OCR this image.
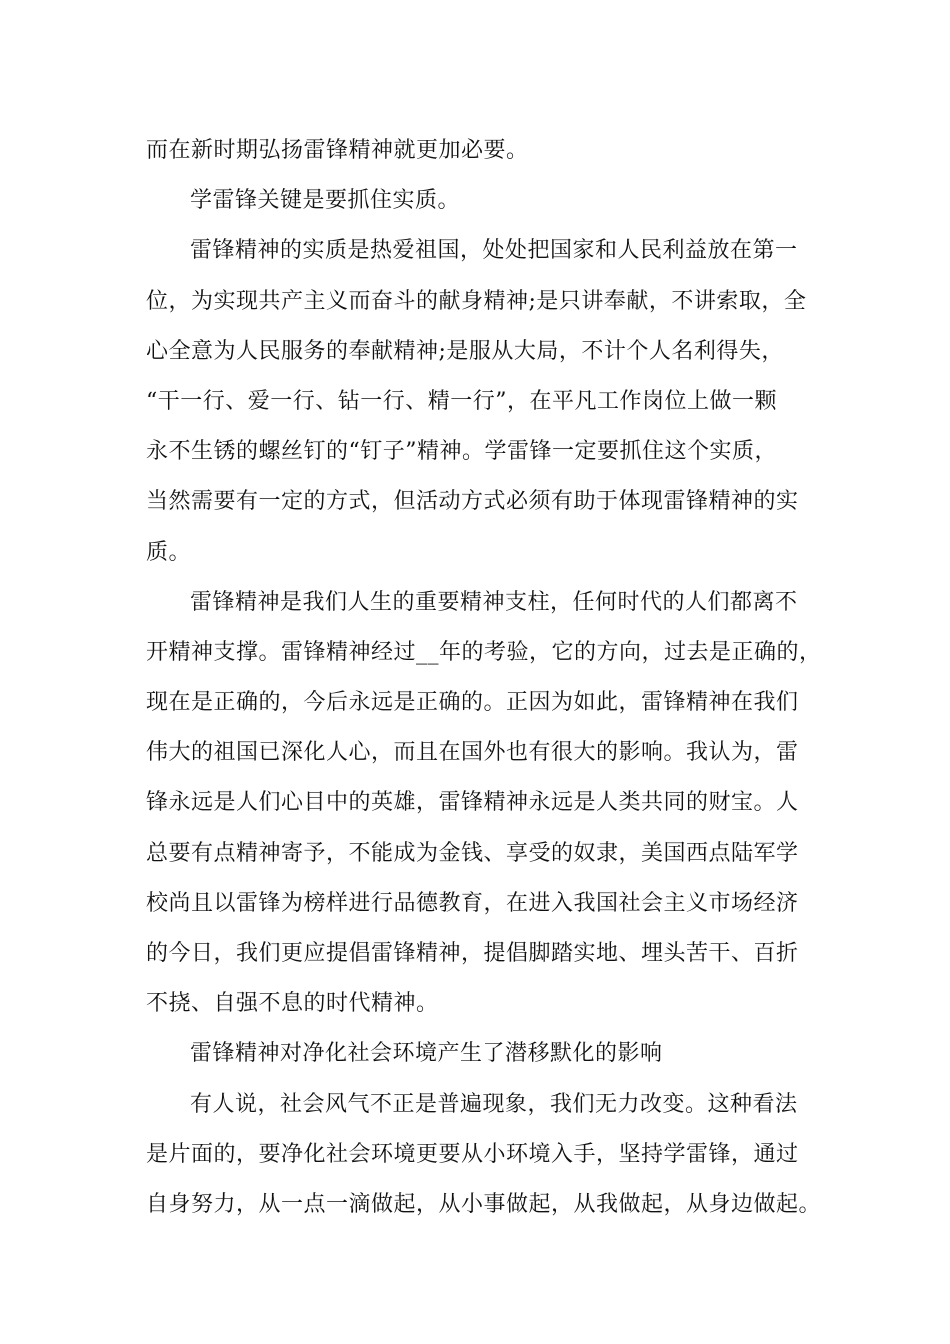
而在新时期弘扬雷锋精神就更加必要。
学雷锋关键是要抓住实质。
雷锋精神的实质是热爱祖国，处处把国家和人民利益放在第一
位，为实现共产主义而奋斗的献身精神;是只讲奉献，不讲索取，全
心全意为人民服务的奉献精神;是服从大局，不计个人名利得失，
“干一行、爱一行、钻一行、精一行”，在平凡工作岗位上做一颗
永不生锈的螺丝钉的“钉子”精神。学雷锋一定要抓住这个实质，
当然需要有一定的方式，但活动方式必须有助于体现雷锋精神的实
质。
雷锋精神是我们人生的重要精神支柱，任何时代的人们都离不
开精神支撑。雷锋精神经过__年的考验，它的方向，过去是正确的，
现在是正确的，今后永远是正确的。正因为如此，雷锋精神在我们
伟大的祖国已深化人心，而且在国外也有很大的影响。我认为，雷
锋永远是人们心目中的英雄，雷锋精神永远是人类共同的财宝。人
总要有点精神寄予，不能成为金钱、享受的奴隶，美国西点陆军学
校尚且以雷锋为榜样进行品德教育，在进入我国社会主义市场经济
的今日，我们更应提倡雷锋精神，提倡脚踏实地、埋头苦干、百折
不挠、自强不息的时代精神。
雷锋精神对净化社会环境产生了潜移默化的影响
有人说，社会风气不正是普遍现象，我们无力改变。这种看法
是片面的，要净化社会环境更要从小环境入手，坚持学雷锋，通过
自身努力，从一点一滴做起，从小事做起，从我做起，从身边做起。
